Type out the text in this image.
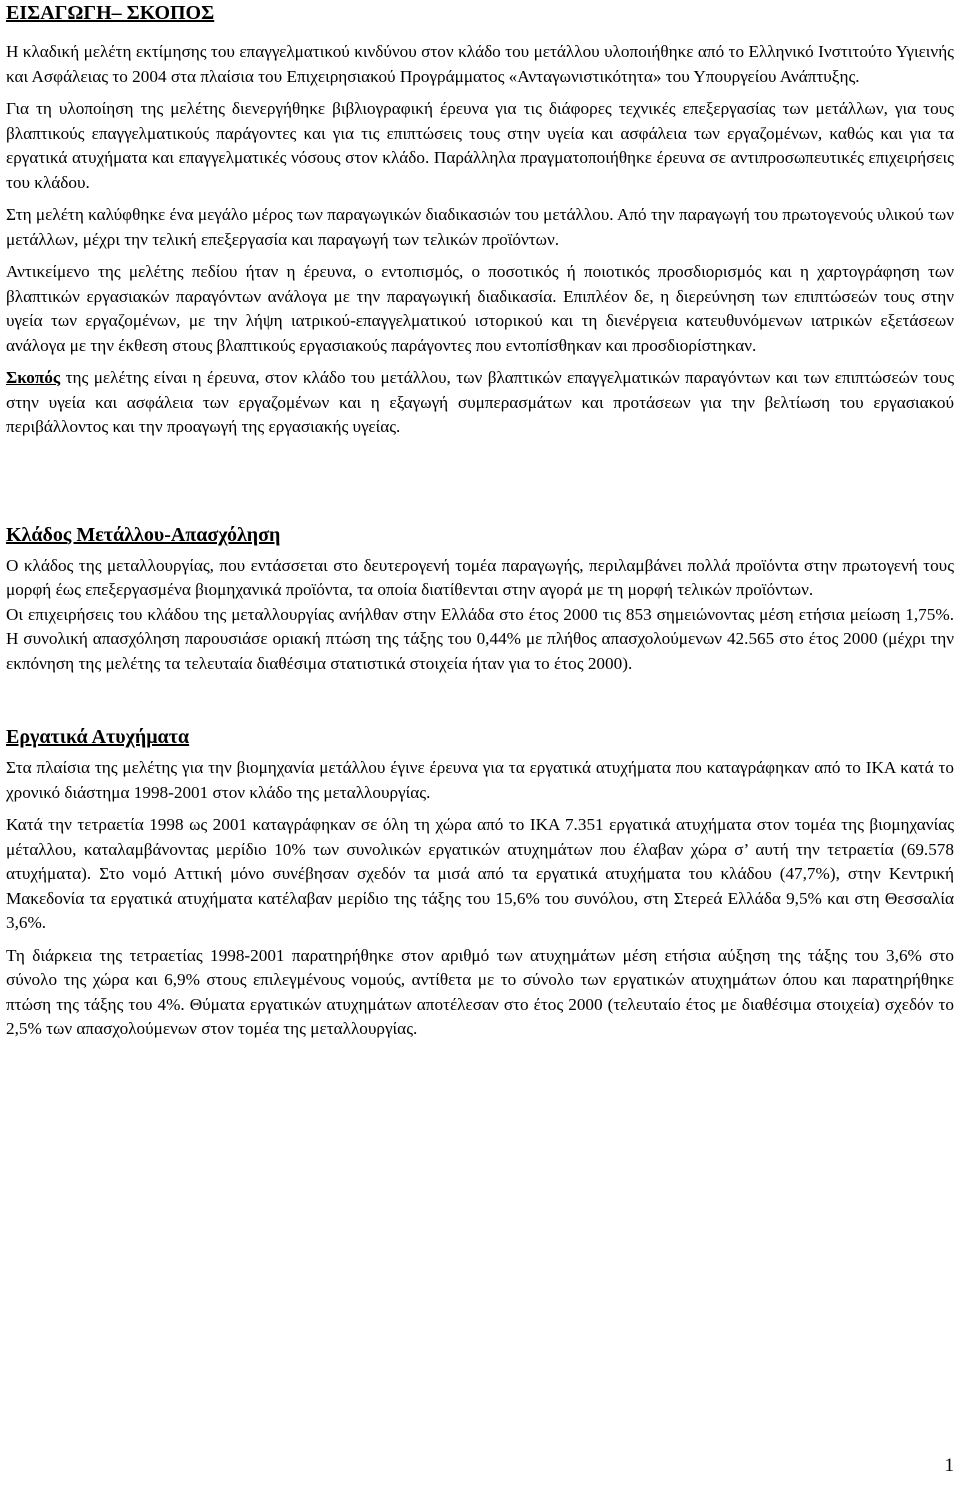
ΕΙΣΑΓΩΓΗ– ΣΚΟΠΟΣ

Η κλαδική μελέτη εκτίμησης του επαγγελματικού κινδύνου στον κλάδο του μετάλλου υλοποιήθηκε από το Ελληνικό Ινστιτούτο Υγιεινής και Ασφάλειας το 2004 στα πλαίσια του Επιχειρησιακού Προγράμματος «Ανταγωνιστικότητα» του Υπουργείου Ανάπτυξης.

Για τη υλοποίηση της μελέτης διενεργήθηκε βιβλιογραφική έρευνα για τις διάφορες τεχνικές επεξεργασίας των μετάλλων, για τους βλαπτικούς επαγγελματικούς παράγοντες και για τις επιπτώσεις τους στην υγεία και ασφάλεια των εργαζομένων, καθώς και για τα εργατικά ατυχήματα και επαγγελματικές νόσους στον κλάδο. Παράλληλα πραγματοποιήθηκε έρευνα σε αντιπροσωπευτικές επιχειρήσεις του κλάδου.

Στη μελέτη καλύφθηκε ένα μεγάλο μέρος των παραγωγικών διαδικασιών του μετάλλου. Από την παραγωγή του πρωτογενούς υλικού των μετάλλων, μέχρι την τελική επεξεργασία και παραγωγή των τελικών προϊόντων.

Αντικείμενο της μελέτης πεδίου ήταν η έρευνα, ο εντοπισμός, ο ποσοτικός ή ποιοτικός προσδιορισμός και η χαρτογράφηση των βλαπτικών εργασιακών παραγόντων ανάλογα με την παραγωγική διαδικασία. Επιπλέον δε, η διερεύνηση των επιπτώσεών τους στην υγεία των εργαζομένων, με την λήψη ιατρικού-επαγγελματικού ιστορικού και τη διενέργεια κατευθυνόμενων ιατρικών εξετάσεων ανάλογα με την έκθεση στους βλαπτικούς εργασιακούς παράγοντες που εντοπίσθηκαν και προσδιορίστηκαν.

Σκοπός της μελέτης είναι η έρευνα, στον κλάδο του μετάλλου, των βλαπτικών επαγγελματικών παραγόντων και των επιπτώσεών τους στην υγεία και ασφάλεια των εργαζομένων και η εξαγωγή συμπερασμάτων και προτάσεων για την βελτίωση του εργασιακού περιβάλλοντος και την προαγωγή της εργασιακής υγείας.

Κλάδος Μετάλλου-Απασχόληση

Ο κλάδος της μεταλλουργίας, που εντάσσεται στο δευτερογενή τομέα παραγωγής, περιλαμβάνει πολλά προϊόντα στην πρωτογενή τους μορφή έως επεξεργασμένα βιομηχανικά προϊόντα, τα οποία διατίθενται στην αγορά με τη μορφή τελικών προϊόντων.

Οι επιχειρήσεις του κλάδου της μεταλλουργίας ανήλθαν στην Ελλάδα στο έτος 2000 τις 853 σημειώνοντας μέση ετήσια μείωση 1,75%. Η συνολική απασχόληση παρουσιάσε οριακή πτώση της τάξης του 0,44% με πλήθος απασχολούμενων 42.565 στο έτος 2000 (μέχρι την εκπόνηση της μελέτης τα τελευταία διαθέσιμα στατιστικά στοιχεία ήταν για το έτος 2000).

Εργατικά Ατυχήματα

Στα πλαίσια της μελέτης για την βιομηχανία μετάλλου έγινε έρευνα για τα εργατικά ατυχήματα που καταγράφηκαν από το ΙΚΑ κατά το χρονικό διάστημα 1998-2001 στον κλάδο της μεταλλουργίας.

Κατά την τετραετία 1998 ως 2001 καταγράφηκαν σε όλη τη χώρα από το ΙΚΑ 7.351 εργατικά ατυχήματα στον τομέα της βιομηχανίας μέταλλου, καταλαμβάνοντας μερίδιο 10% των συνολικών εργατικών ατυχημάτων που έλαβαν χώρα σ’ αυτή την τετραετία (69.578 ατυχήματα). Στο νομό Αττική μόνο συνέβησαν σχεδόν τα μισά από τα εργατικά ατυχήματα του κλάδου (47,7%), στην Κεντρική Μακεδονία τα εργατικά ατυχήματα κατέλαβαν μερίδιο της τάξης του 15,6% του συνόλου, στη Στερεά Ελλάδα 9,5% και στη Θεσσαλία 3,6%.

Τη διάρκεια της τετραετίας 1998-2001 παρατηρήθηκε στον αριθμό των ατυχημάτων μέση ετήσια αύξηση της τάξης του 3,6% στο σύνολο της χώρα και 6,9% στους επιλεγμένους νομούς, αντίθετα με το σύνολο των εργατικών ατυχημάτων όπου και παρατηρήθηκε πτώση της τάξης του 4%. Θύματα εργατικών ατυχημάτων αποτέλεσαν στο έτος 2000 (τελευταίο έτος με διαθέσιμα στοιχεία) σχεδόν το 2,5% των απασχολούμενων στον τομέα της μεταλλουργίας.

1
